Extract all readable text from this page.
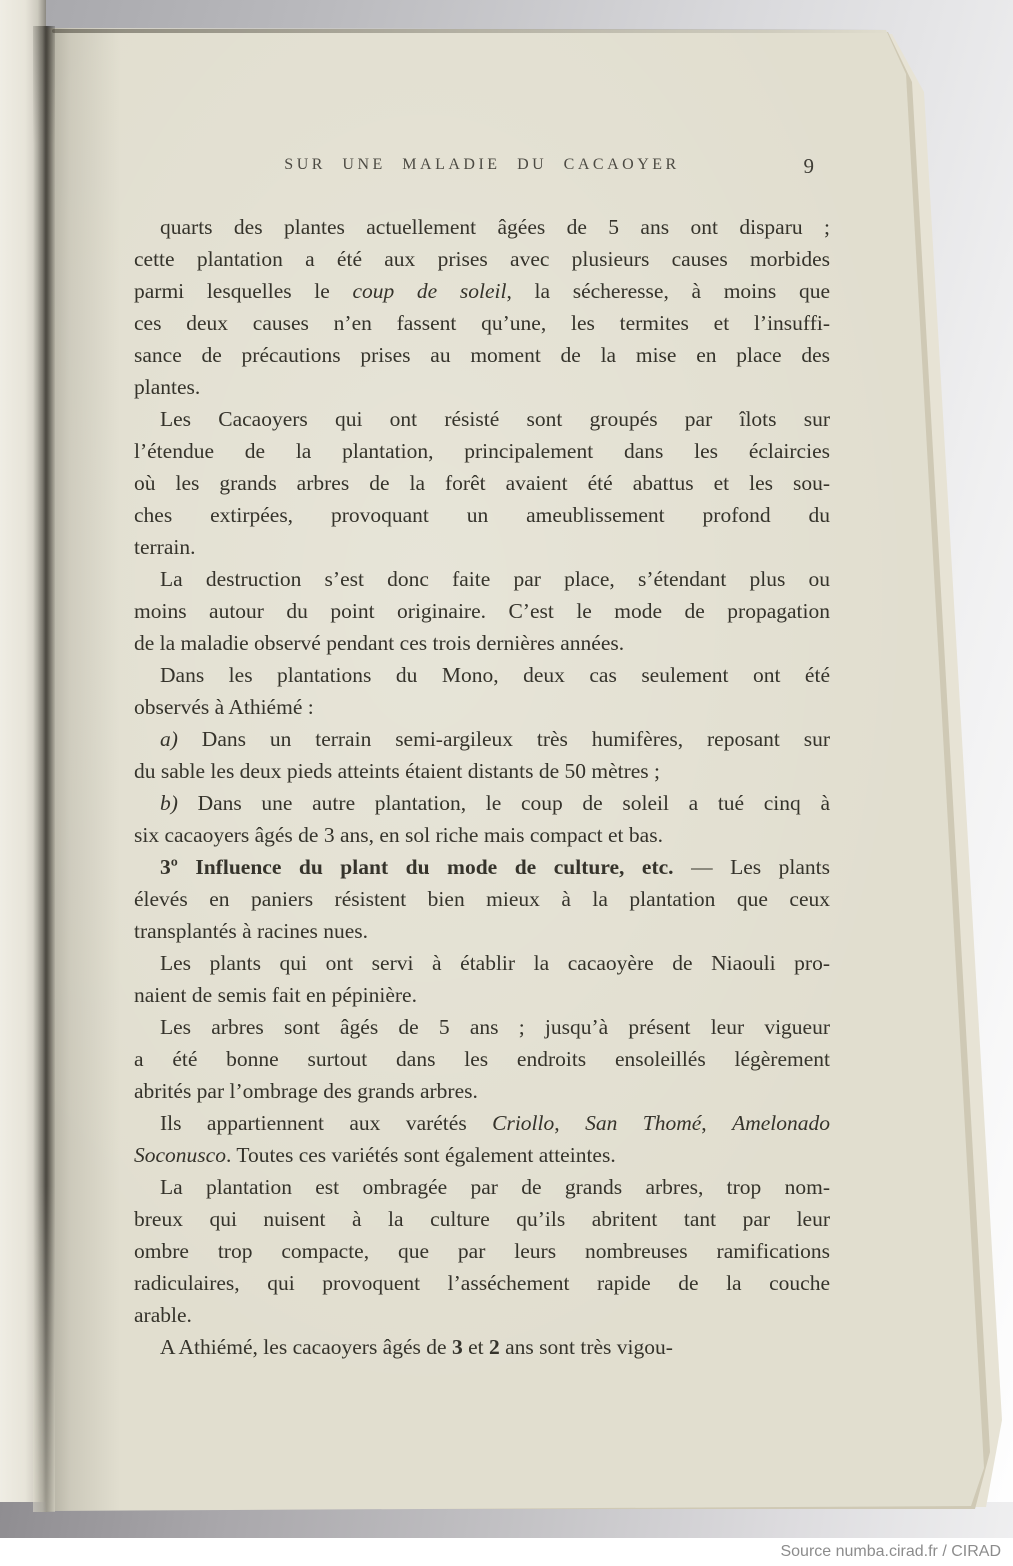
SUR UNE MALADIE DU CACAOYER	9
quarts des plantes actuellement âgées de 5 ans ont disparu ;
cette plantation a été aux prises avec plusieurs causes morbides
parmi lesquelles le coup de soleil, la sécheresse, à moins que
ces deux causes n’en fassent qu’une, les termites et l’insuffi-
sance de précautions prises au moment de la mise en place des
plantes.
Les Cacaoyers qui ont résisté sont groupés par îlots sur
l’étendue de la plantation, principalement dans les éclaircies
où les grands arbres de la forêt avaient été abattus et les sou-
ches extirpées, provoquant un ameublissement profond du
terrain.
La destruction s’est donc faite par place, s’étendant plus ou
moins autour du point originaire. C’est le mode de propagation
de la maladie observé pendant ces trois dernières années.
Dans les plantations du Mono, deux cas seulement ont été
observés à Athiémé :
a) Dans un terrain semi-argileux très humifères, reposant sur
du sable les deux pieds atteints étaient distants de 50 mètres ;
b) Dans une autre plantation, le coup de soleil a tué cinq à
six cacaoyers âgés de 3 ans, en sol riche mais compact et bas.
3º Influence du plant du mode de culture, etc. — Les plants
élevés en paniers résistent bien mieux à la plantation que ceux
transplantés à racines nues.
Les plants qui ont servi à établir la cacaoyère de Niaouli pro-
naient de semis fait en pépinière.
Les arbres sont âgés de 5 ans ; jusqu’à présent leur vigueur
a été bonne surtout dans les endroits ensoleillés légèrement
abrités par l’ombrage des grands arbres.
Ils appartiennent aux varétés Criollo, San Thomé, Amelonado
Soconusco. Toutes ces variétés sont également atteintes.
La plantation est ombragée par de grands arbres, trop nom-
breux qui nuisent à la culture qu’ils abritent tant par leur
ombre trop compacte, que par leurs nombreuses ramifications
radiculaires, qui provoquent l’asséchement rapide de la couche
arable.
A Athiémé, les cacaoyers âgés de 3 et 2 ans sont très vigou-
Source numba.cirad.fr / CIRAD
